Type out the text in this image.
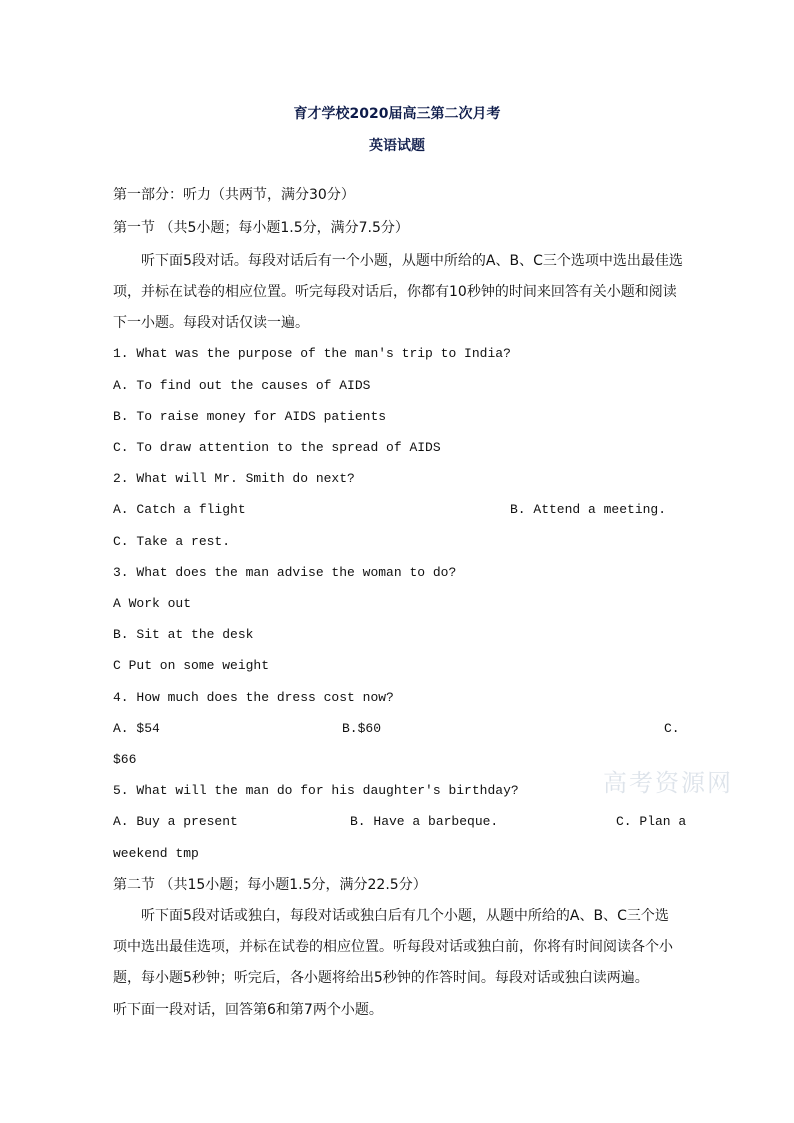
育才学校2020届高三第二次月考
英语试题
第一部分：听力（共两节，满分30分）
第一节 （共5小题；每小题1.5分，满分7.5分）
听下面5段对话。每段对话后有一个小题，从题中所给的A、B、C三个选项中选出最佳选
项，并标在试卷的相应位置。听完每段对话后，你都有10秒钟的时间来回答有关小题和阅读
下一小题。每段对话仅读一遍。
1. What was the purpose of the man's trip to India?
A. To find out the causes of AIDS
B. To raise money for AIDS patients
C. To draw attention to the spread of AIDS
2. What will Mr. Smith do next?
A. Catch a flight	B. Attend a meeting.
C. Take a rest.
3. What does the man advise the woman to do?
A Work out
B. Sit at the desk
C Put on some weight
4. How much does the dress cost now?
A. $54	B.$60	C.
$66
5. What will the man do for his daughter's birthday?
A. Buy a present	B. Have a barbeque.	C. Plan a
weekend tmp
第二节 （共15小题；每小题1.5分，满分22.5分）
听下面5段对话或独白，每段对话或独白后有几个小题，从题中所给的A、B、C三个选
项中选出最佳选项，并标在试卷的相应位置。听每段对话或独白前，你将有时间阅读各个小
题，每小题5秒钟；听完后，各小题将给出5秒钟的作答时间。每段对话或独白读两遍。
听下面一段对话，回答第6和第7两个小题。
高考资源网
